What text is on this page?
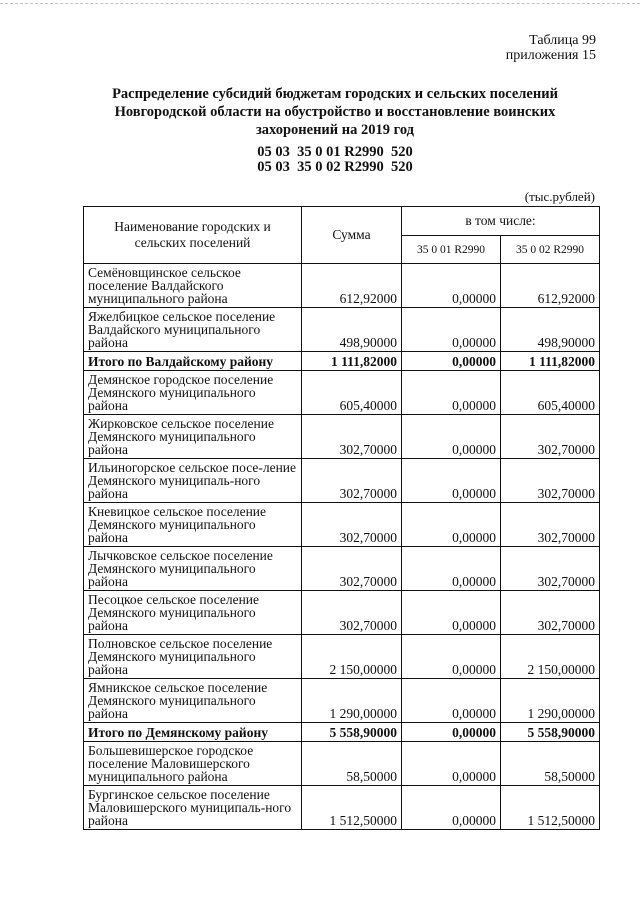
Таблица 99
приложения 15
Распределение субсидий бюджетам городских и сельских поселений
Новгородской области на обустройство и восстановление воинских
захоронений на 2019 год
05 03  35 0 01 R2990  520
05 03  35 0 02 R2990  520
(тыс.рублей)
Наименование городских и сельских поселений	Сумма	в том числе:	
		35 0 01 R2990	35 0 02 R2990
Семёновщинское сельское поселение Валдайского муниципального района	612,92000	0,00000	612,92000
Яжелбицкое сельское поселение Валдайского муниципального района	498,90000	0,00000	498,90000
Итого по Валдайскому району	1 111,82000	0,00000	1 111,82000
Демянское городское поселение Демянского муниципального района	605,40000	0,00000	605,40000
Жирковское сельское поселение Демянского муниципального района	302,70000	0,00000	302,70000
Ильиногорское сельское посе-ление Демянского муниципаль-ного района	302,70000	0,00000	302,70000
Кневицкое сельское поселение Демянского муниципального района	302,70000	0,00000	302,70000
Лычковское сельское поселение Демянского муниципального района	302,70000	0,00000	302,70000
Песоцкое сельское поселение Демянского муниципального района	302,70000	0,00000	302,70000
Полновское сельское поселение Демянского муниципального района	2 150,00000	0,00000	2 150,00000
Ямникское сельское поселение Демянского муниципального района	1 290,00000	0,00000	1 290,00000
Итого по Демянскому району	5 558,90000	0,00000	5 558,90000
Большевишерское городское поселение Маловишерского муниципального района	58,50000	0,00000	58,50000
Бургинское сельское поселение Маловишерского муниципаль-ного района	1 512,50000	0,00000	1 512,50000
